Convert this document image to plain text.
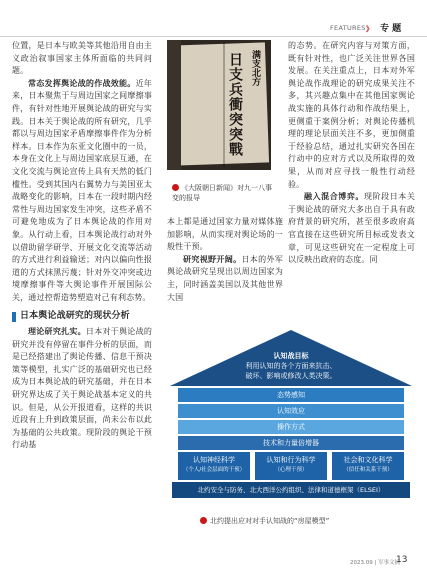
FEATURES 》 专 题

位置，是日本与欧美等其他沿用自由主义政治叙事国家主体所面临的共同问题。

常态发挥舆论战的作战效能。近年来，日本聚焦于与周边国家之间摩擦事件，有针对性地开展舆论战的研究与实践。日本关于舆论战的所有研究，几乎都以与周边国家矛盾摩擦事件作为分析样本。日本作为东亚文化圈中的一员，本身在文化上与周边国家底层互通，在文化交流与舆论宣传上具有天然的低门槛性。受到其国内右翼势力与美国亚太战略变化的影响，日本在一段时期内经常性与周边国家发生冲突，这些矛盾不可避免地成为了日本舆论战的作用对象。从行动上看，日本舆论战行动对外以借助留学研学、开展文化交流等活动的方式进行利益输送；对内以偏向性报道的方式抹黑污蔑；针对外交冲突或边境摩擦事件等大舆论事件开展国际公关，通过控帮造势塑造对己有利态势。

日本舆论战研究的现状分析

理论研究扎实。日本对于舆论战的研究并没有停留在事件分析的层面，而是已经搭建出了舆论传播、信息干预决策等模型，扎实广泛的基础研究也已经成为日本舆论战的研究基础，并在日本研究界达成了关于舆论战基本定义的共识。但是，从公开报道看，这样的共识近段有上升到政策层面，尚未公布以此为基础的公共政策。现阶段的舆论干预行动基

日支兵衝突突戰 满支北方
《大阪朝日新闻》对九一八事变的报导

本上都是通过国家力量对媒体施加影响，从而实现对舆论场的一般性干预。

研究视野开阔。日本的外军舆论战研究呈现出以周边国家为主，同时涵盖美国以及其他世界大国

的态势。在研究内容与对策方面，既有针对性，也广泛关注世界各国发展。在关注重点上，日本对外军舆论战作战理论的研究成果关注不多，其兴趣点集中在其他国家舆论战实施的具体行动和作战结果上，更侧重于案例分析；对舆论传播机理的理论层面关注不多，更加侧重于经验总结，通过扎实研究各国在行动中的应对方式以及所取得的效果，从而对应寻找一般性行动经验。

融入混合博弈。现阶段日本关于舆论战的研究大多出自于具有政府背景的研究所，甚至很多政府高官直接在这些研究所目标或发表文章，可见这些研究在一定程度上可以反映出政府的态度。同

认知战目标
利用认知的各个方面来抗击、
破坏、影响或修改人类决策。
态势感知
认知效应
操作方式
技术和力量倍增器
认知神经科学
（个人/社会层面的干预）
认知和行为科学
（心理干预）
社会和文化科学
（信任和关系干预）
北约安全与防务、北大西洋公约组织、法律和道德框架（ELSEI）
北约提出应对对手认知战的“房屋模型”
2023.09 | 军事文摘
13
